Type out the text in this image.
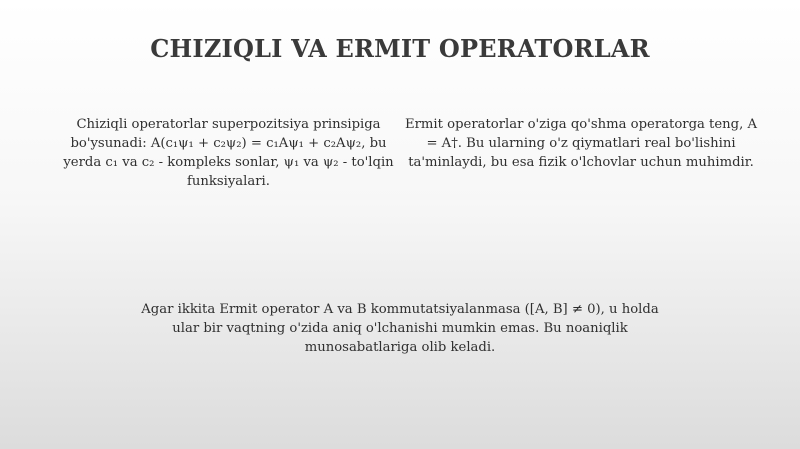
CHIZIQLI VA ERMIT OPERATORLAR

Chiziqli operatorlar superpozitsiya prinsipiga bo'ysunadi: A(c₁ψ₁ + c₂ψ₂) = c₁Aψ₁ + c₂Aψ₂, bu yerda c₁ va c₂ - kompleks sonlar, ψ₁ va ψ₂ - to'lqin funksiyalari.

Ermit operatorlar o'ziga qo'shma operatorga teng, A = A†. Bu ularning o'z qiymatlari real bo'lishini ta'minlaydi, bu esa fizik o'lchovlar uchun muhimdir.

Agar ikkita Ermit operator A va B kommutatsiyalanmasa ([A, B] ≠ 0), u holda ular bir vaqtning o'zida aniq o'lchanishi mumkin emas. Bu noaniqlik munosabatlariga olib keladi.
